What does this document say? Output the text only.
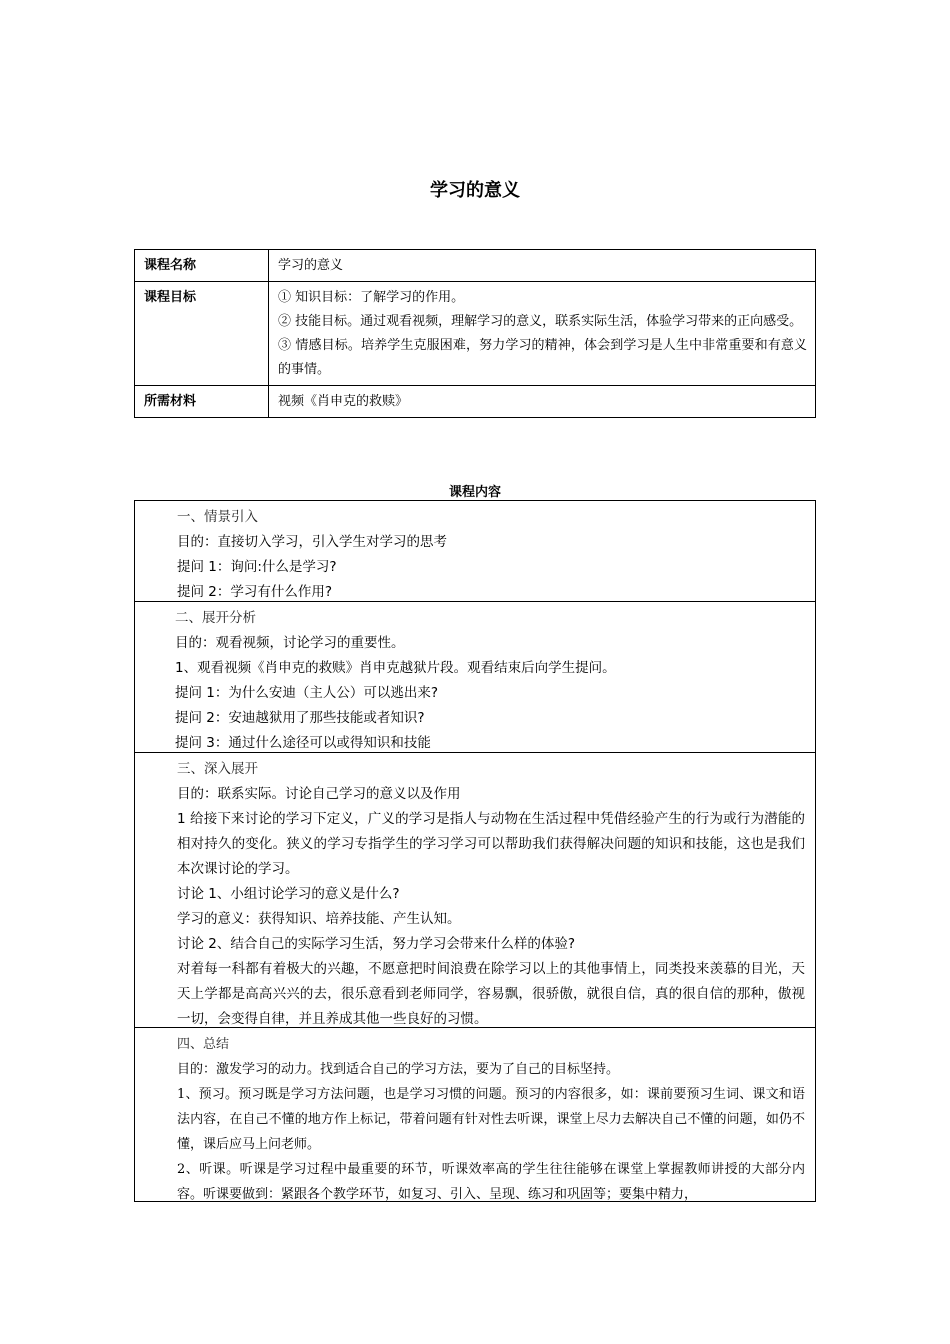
学习的意义
课程名称	学习的意义

课程目标	① 知识目标：了解学习的作用。
② 技能目标。通过观看视频，理解学习的意义，联系实际生活，体验学习带来的正向感受。
③ 情感目标。培养学生克服困难，努力学习的精神，体会到学习是人生中非常重要和有意义的事情。

所需材料	视频《肖申克的救赎》
课程内容

一、情景引入

目的：直接切入学习，引入学生对学习的思考

提问 1：询问:什么是学习?

提问 2：学习有什么作用?

二、展开分析

目的：观看视频，讨论学习的重要性。

1、观看视频《肖申克的救赎》肖申克越狱片段。观看结束后向学生提问。

提问 1：为什么安迪（主人公）可以逃出来?

提问 2：安迪越狱用了那些技能或者知识?

提问 3：通过什么途径可以或得知识和技能

三、深入展开

目的：联系实际。讨论自己学习的意义以及作用

1 给接下来讨论的学习下定义，广义的学习是指人与动物在生活过程中凭借经验产生的行为或行为潜能的相对持久的变化。狭义的学习专指学生的学习学习可以帮助我们获得解决问题的知识和技能，这也是我们本次课讨论的学习。

讨论 1、小组讨论学习的意义是什么?

学习的意义：获得知识、培养技能、产生认知。

讨论 2、结合自己的实际学习生活，努力学习会带来什么样的体验?

对着每一科都有着极大的兴趣，不愿意把时间浪费在除学习以上的其他事情上，同类投来羡慕的目光，天天上学都是高高兴兴的去，很乐意看到老师同学，容易飘，很骄傲，就很自信，真的很自信的那种，傲视一切，会变得自律，并且养成其他一些良好的习惯。

四、总结

目的：激发学习的动力。找到适合自己的学习方法，要为了自己的目标坚持。

1、预习。预习既是学习方法问题，也是学习习惯的问题。预习的内容很多，如：课前要预习生词、课文和语法内容，在自己不懂的地方作上标记，带着问题有针对性去听课，课堂上尽力去解决自己不懂的问题，如仍不懂，课后应马上问老师。

2、听课。听课是学习过程中最重要的环节，听课效率高的学生往往能够在课堂上掌握教师讲授的大部分内容。听课要做到：紧跟各个教学环节，如复习、引入、呈现、练习和巩固等；要集中精力，
